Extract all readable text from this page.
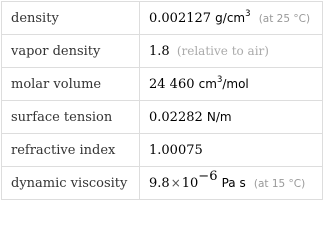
density	0.002127 $g/cm^3$ (at 25 °C)
vapor density	1.8 (relative to air)
molar volume	24 460 $cm^3$/mol
surface tension	0.02282 N/m
refractive index	1.00075
dynamic viscosity	$9.8\times 10^{-6}$ Pa s (at 15 °C)
